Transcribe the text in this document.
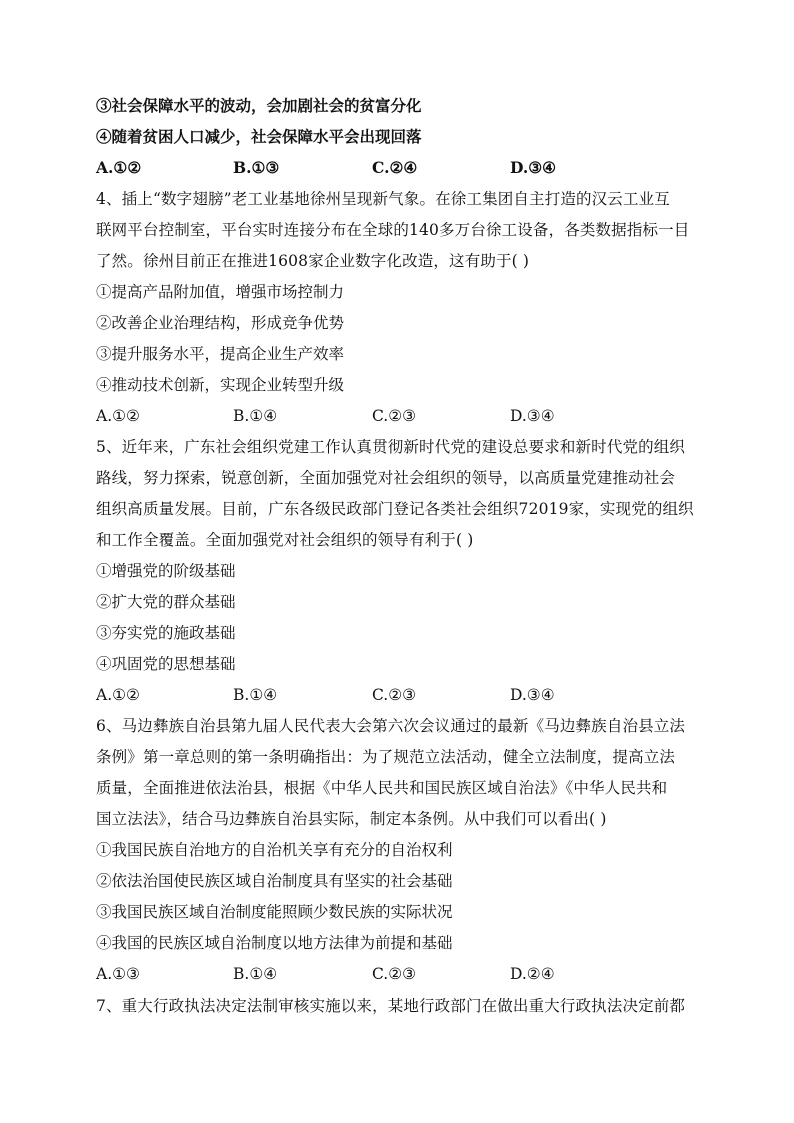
③社会保障水平的波动，会加剧社会的贫富分化
④随着贫困人口减少，社会保障水平会出现回落
A.①②	B.①③	C.②④	D.③④
4、插上“数字翅膀”老工业基地徐州呈现新气象。在徐工集团自主打造的汉云工业互
联网平台控制室，平台实时连接分布在全球的140多万台徐工设备，各类数据指标一目
了然。徐州目前正在推进1608家企业数字化改造，这有助于( )
①提高产品附加值，增强市场控制力
②改善企业治理结构，形成竞争优势
③提升服务水平，提高企业生产效率
④推动技术创新，实现企业转型升级
A.①②	B.①④	C.②③	D.③④
5、近年来，广东社会组织党建工作认真贯彻新时代党的建设总要求和新时代党的组织
路线，努力探索，锐意创新，全面加强党对社会组织的领导，以高质量党建推动社会
组织高质量发展。目前，广东各级民政部门登记各类社会组织72019家，实现党的组织
和工作全覆盖。全面加强党对社会组织的领导有利于( )
①增强党的阶级基础
②扩大党的群众基础
③夯实党的施政基础
④巩固党的思想基础
A.①②	B.①④	C.②③	D.③④
6、马边彝族自治县第九届人民代表大会第六次会议通过的最新《马边彝族自治县立法
条例》第一章总则的第一条明确指出：为了规范立法活动，健全立法制度，提高立法
质量，全面推进依法治县，根据《中华人民共和国民族区域自治法》《中华人民共和
国立法法》，结合马边彝族自治县实际，制定本条例。从中我们可以看出( )
①我国民族自治地方的自治机关享有充分的自治权利
②依法治国使民族区域自治制度具有坚实的社会基础
③我国民族区域自治制度能照顾少数民族的实际状况
④我国的民族区域自治制度以地方法律为前提和基础
A.①③	B.①④	C.②③	D.②④
7、重大行政执法决定法制审核实施以来，某地行政部门在做出重大行政执法决定前都
